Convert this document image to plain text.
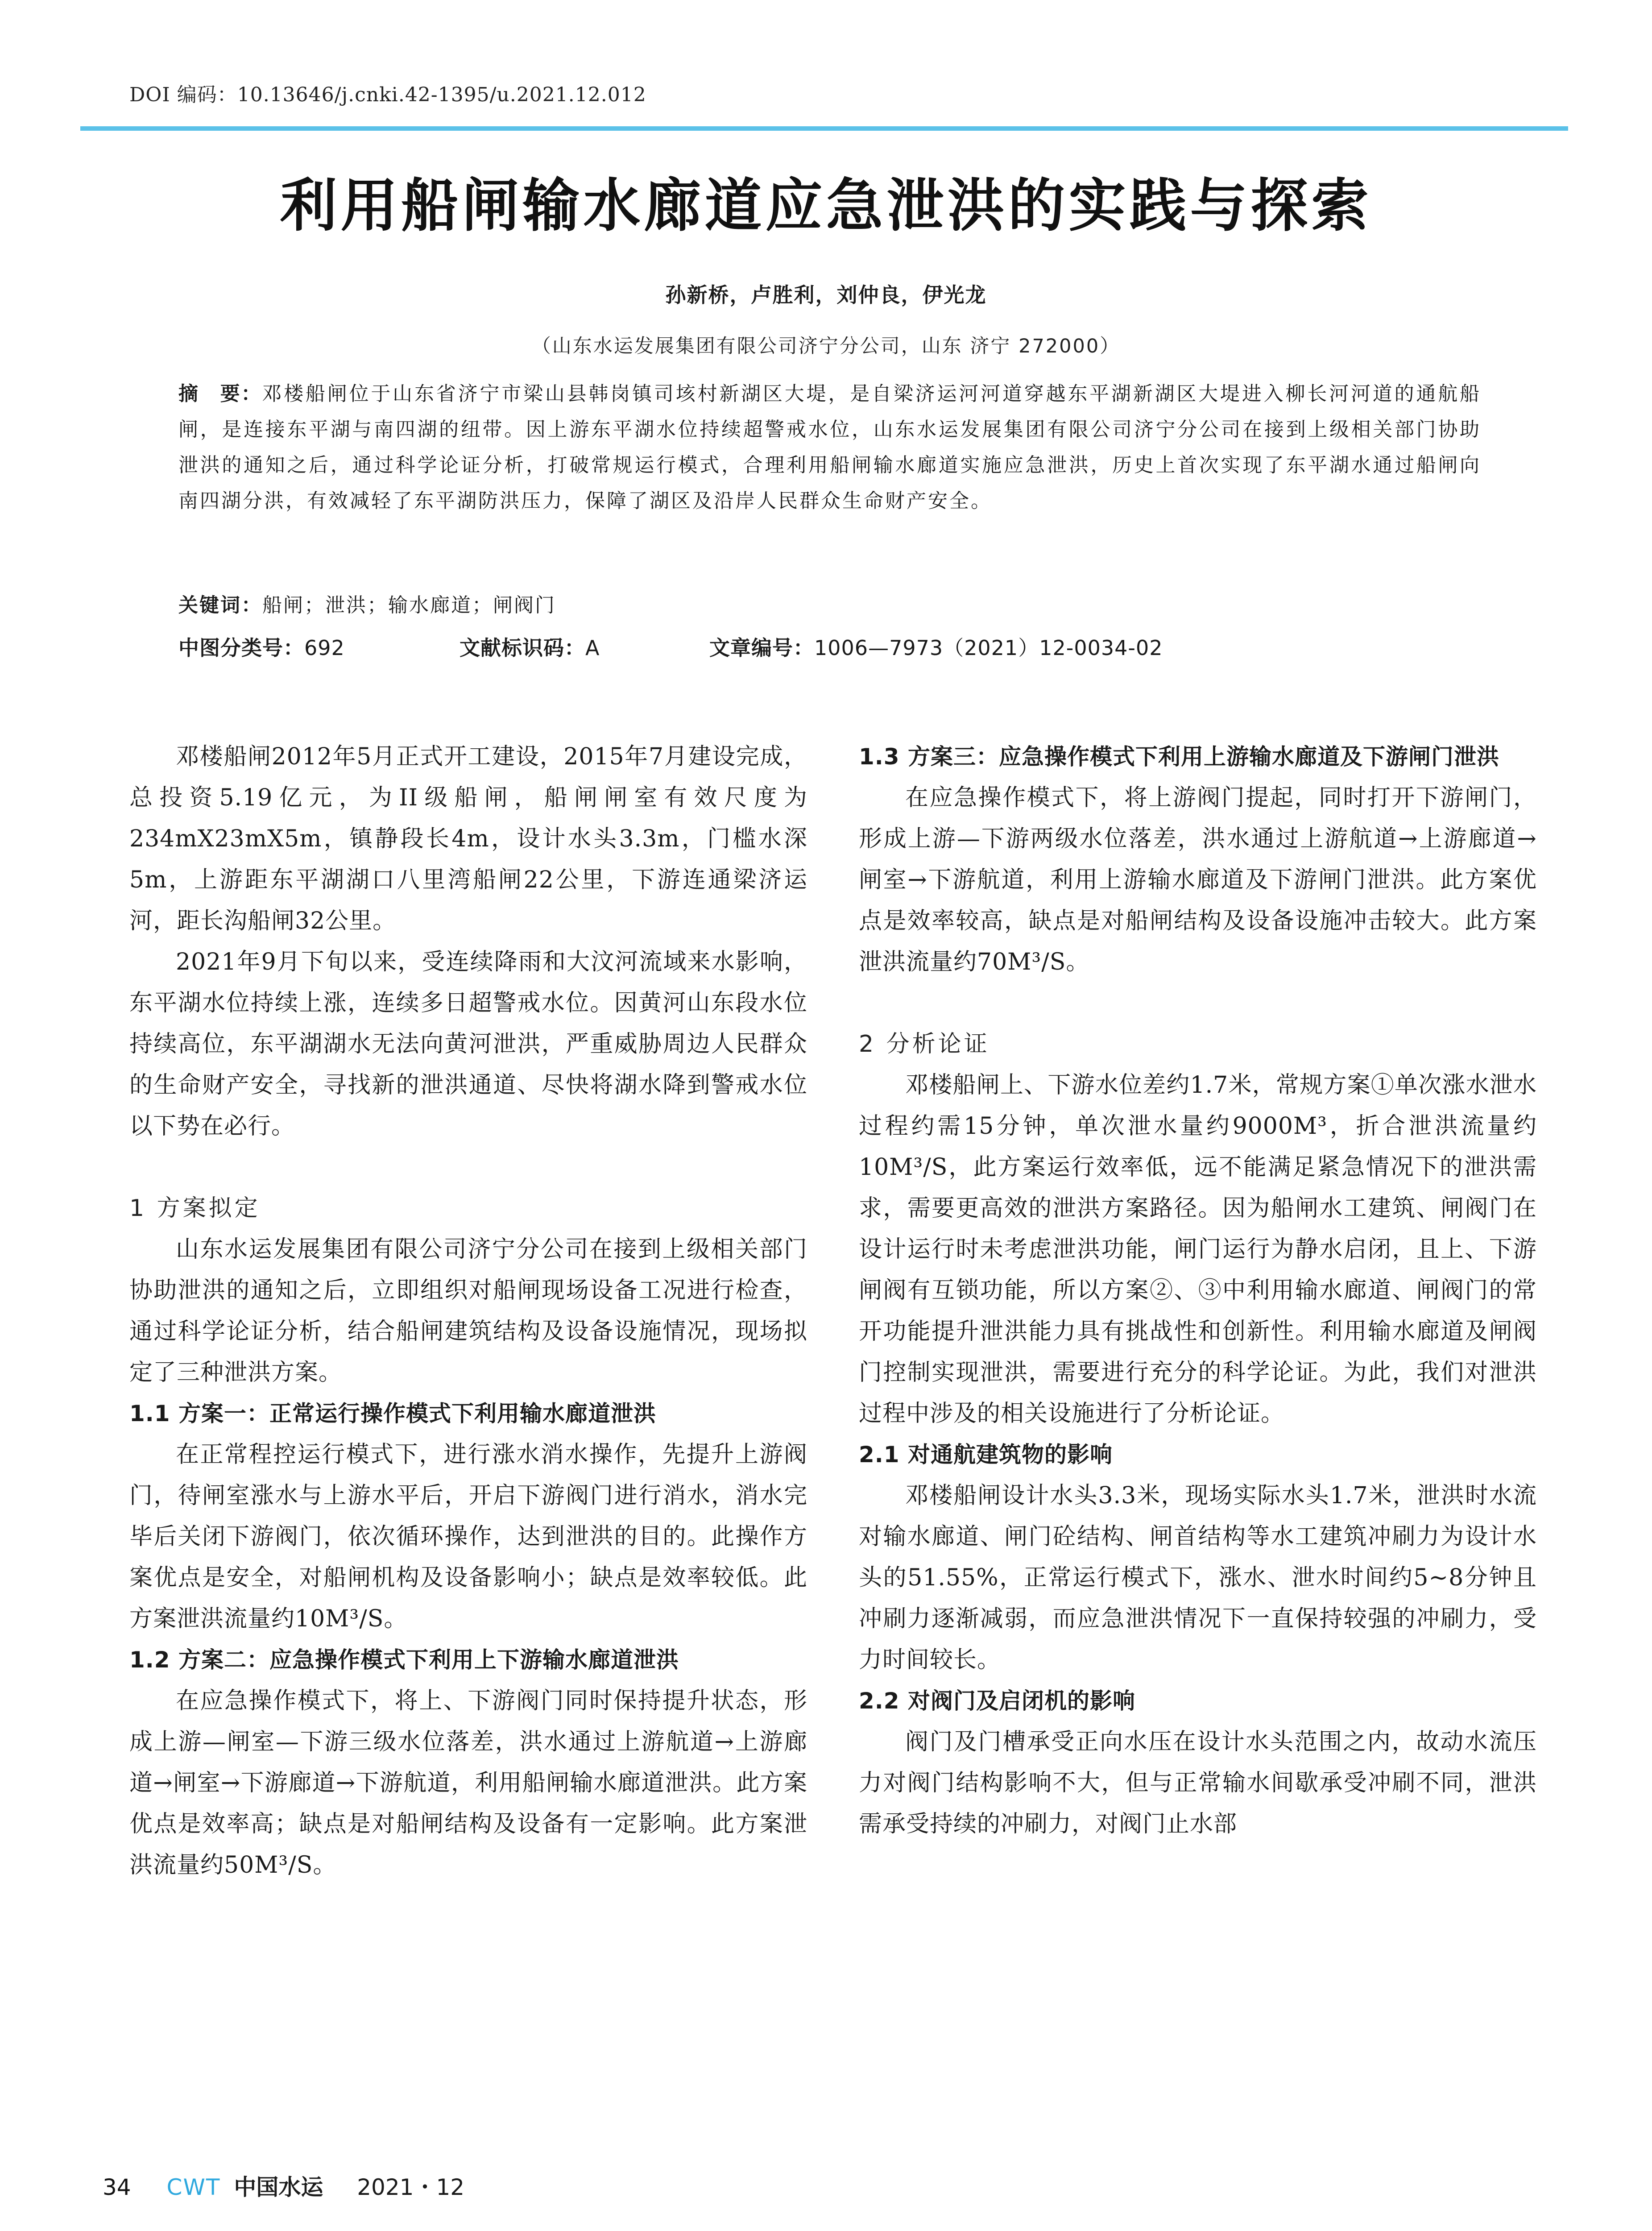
DOI 编码：10.13646/j.cnki.42-1395/u.2021.12.012
利用船闸输水廊道应急泄洪的实践与探索
孙新桥，卢胜利，刘仲良，伊光龙
（山东水运发展集团有限公司济宁分公司，山东 济宁 272000）
摘　要：邓楼船闸位于山东省济宁市梁山县韩岗镇司垓村新湖区大堤，是自梁济运河河道穿越东平湖新湖区大堤进入柳长河河道的通航船闸，是连接东平湖与南四湖的纽带。因上游东平湖水位持续超警戒水位，山东水运发展集团有限公司济宁分公司在接到上级相关部门协助泄洪的通知之后，通过科学论证分析，打破常规运行模式，合理利用船闸输水廊道实施应急泄洪，历史上首次实现了东平湖水通过船闸向南四湖分洪，有效减轻了东平湖防洪压力，保障了湖区及沿岸人民群众生命财产安全。
关键词：船闸；泄洪；输水廊道；闸阀门
中图分类号：692	文献标识码：A	文章编号：1006—7973（2021）12-0034-02

邓楼船闸2012年5月正式开工建设，2015年7月建设完成，总投资5.19亿元，为II级船闸，船闸闸室有效尺度为234mX23mX5m，镇静段长4m，设计水头3.3m，门槛水深5m，上游距东平湖湖口八里湾船闸22公里，下游连通梁济运河，距长沟船闸32公里。

2021年9月下旬以来，受连续降雨和大汶河流域来水影响，东平湖水位持续上涨，连续多日超警戒水位。因黄河山东段水位持续高位，东平湖湖水无法向黄河泄洪，严重威胁周边人民群众的生命财产安全，寻找新的泄洪通道、尽快将湖水降到警戒水位以下势在必行。

1 方案拟定

山东水运发展集团有限公司济宁分公司在接到上级相关部门协助泄洪的通知之后，立即组织对船闸现场设备工况进行检查，通过科学论证分析，结合船闸建筑结构及设备设施情况，现场拟定了三种泄洪方案。

1.1 方案一：正常运行操作模式下利用输水廊道泄洪

在正常程控运行模式下，进行涨水消水操作，先提升上游阀门，待闸室涨水与上游水平后，开启下游阀门进行消水，消水完毕后关闭下游阀门，依次循环操作，达到泄洪的目的。此操作方案优点是安全，对船闸机构及设备影响小；缺点是效率较低。此方案泄洪流量约10M³/S。

1.2 方案二：应急操作模式下利用上下游输水廊道泄洪

在应急操作模式下，将上、下游阀门同时保持提升状态，形成上游—闸室—下游三级水位落差，洪水通过上游航道→上游廊道→闸室→下游廊道→下游航道，利用船闸输水廊道泄洪。此方案优点是效率高；缺点是对船闸结构及设备有一定影响。此方案泄洪流量约50M³/S。

1.3 方案三：应急操作模式下利用上游输水廊道及下游闸门泄洪

在应急操作模式下，将上游阀门提起，同时打开下游闸门，形成上游—下游两级水位落差，洪水通过上游航道→上游廊道→闸室→下游航道，利用上游输水廊道及下游闸门泄洪。此方案优点是效率较高，缺点是对船闸结构及设备设施冲击较大。此方案泄洪流量约70M³/S。

2 分析论证

邓楼船闸上、下游水位差约1.7米，常规方案①单次涨水泄水过程约需15分钟，单次泄水量约9000M³，折合泄洪流量约10M³/S，此方案运行效率低，远不能满足紧急情况下的泄洪需求，需要更高效的泄洪方案路径。因为船闸水工建筑、闸阀门在设计运行时未考虑泄洪功能，闸门运行为静水启闭，且上、下游闸阀有互锁功能，所以方案②、③中利用输水廊道、闸阀门的常开功能提升泄洪能力具有挑战性和创新性。利用输水廊道及闸阀门控制实现泄洪，需要进行充分的科学论证。为此，我们对泄洪过程中涉及的相关设施进行了分析论证。

2.1 对通航建筑物的影响

邓楼船闸设计水头3.3米，现场实际水头1.7米，泄洪时水流对输水廊道、闸门砼结构、闸首结构等水工建筑冲刷力为设计水头的51.55%，正常运行模式下，涨水、泄水时间约5~8分钟且冲刷力逐渐减弱，而应急泄洪情况下一直保持较强的冲刷力，受力时间较长。

2.2 对阀门及启闭机的影响

阀门及门槽承受正向水压在设计水头范围之内，故动水流压力对阀门结构影响不大，但与正常输水间歇承受冲刷不同，泄洪需承受持续的冲刷力，对阀门止水部

34 CWT 中国水运 2021・12
